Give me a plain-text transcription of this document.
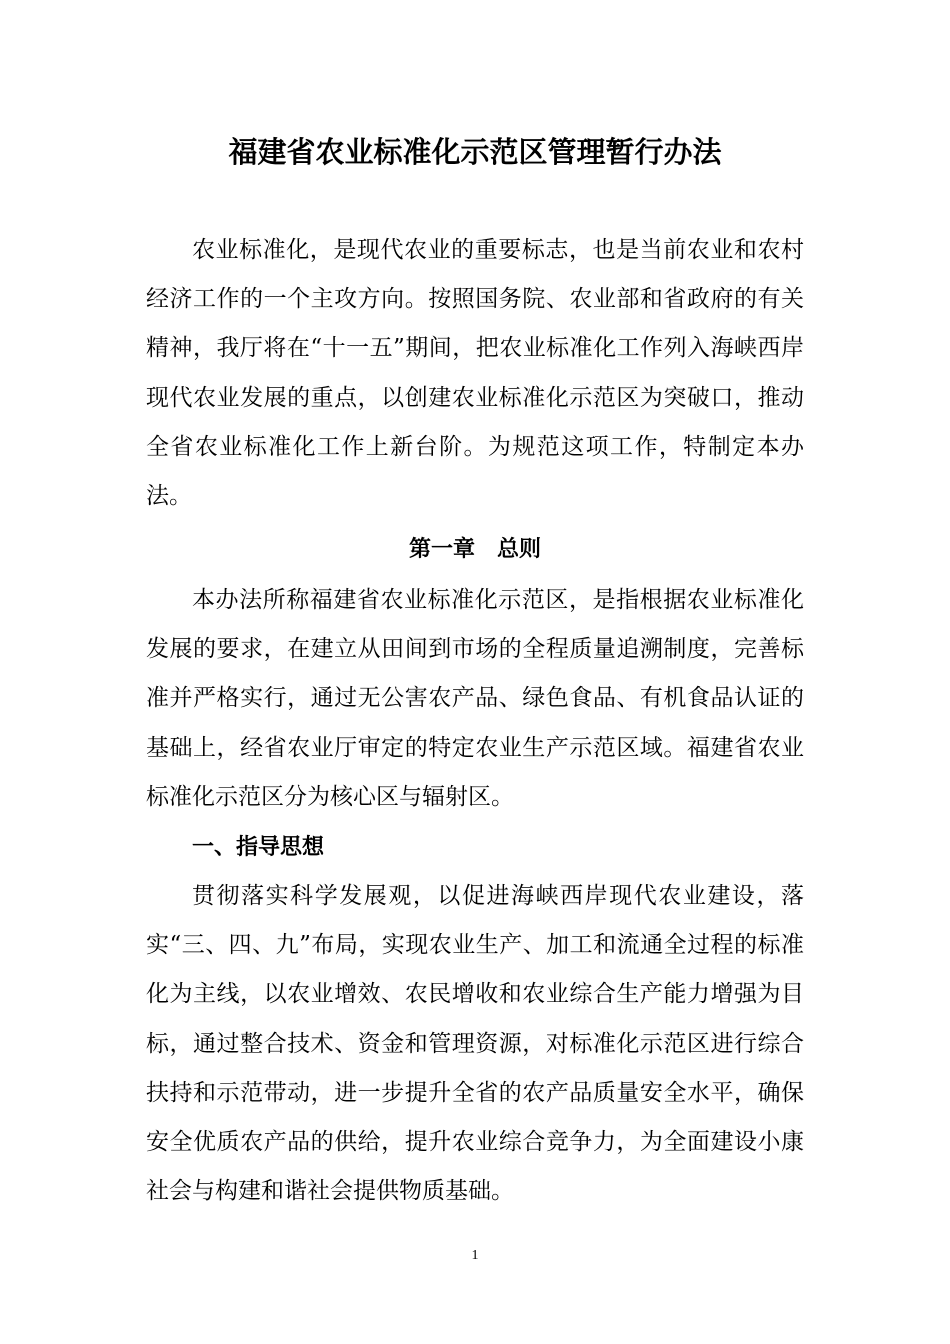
福建省农业标准化示范区管理暂行办法

农业标准化，是现代农业的重要标志，也是当前农业和农村经济工作的一个主攻方向。按照国务院、农业部和省政府的有关精神，我厅将在“十一五”期间，把农业标准化工作列入海峡西岸现代农业发展的重点，以创建农业标准化示范区为突破口，推动全省农业标准化工作上新台阶。为规范这项工作，特制定本办法。

第一章　总则

本办法所称福建省农业标准化示范区，是指根据农业标准化发展的要求，在建立从田间到市场的全程质量追溯制度，完善标准并严格实行，通过无公害农产品、绿色食品、有机食品认证的基础上，经省农业厅审定的特定农业生产示范区域。福建省农业标准化示范区分为核心区与辐射区。

一、指导思想

贯彻落实科学发展观，以促进海峡西岸现代农业建设，落实“三、四、九”布局，实现农业生产、加工和流通全过程的标准化为主线，以农业增效、农民增收和农业综合生产能力增强为目标，通过整合技术、资金和管理资源，对标准化示范区进行综合扶持和示范带动，进一步提升全省的农产品质量安全水平，确保安全优质农产品的供给，提升农业综合竞争力，为全面建设小康社会与构建和谐社会提供物质基础。

1
